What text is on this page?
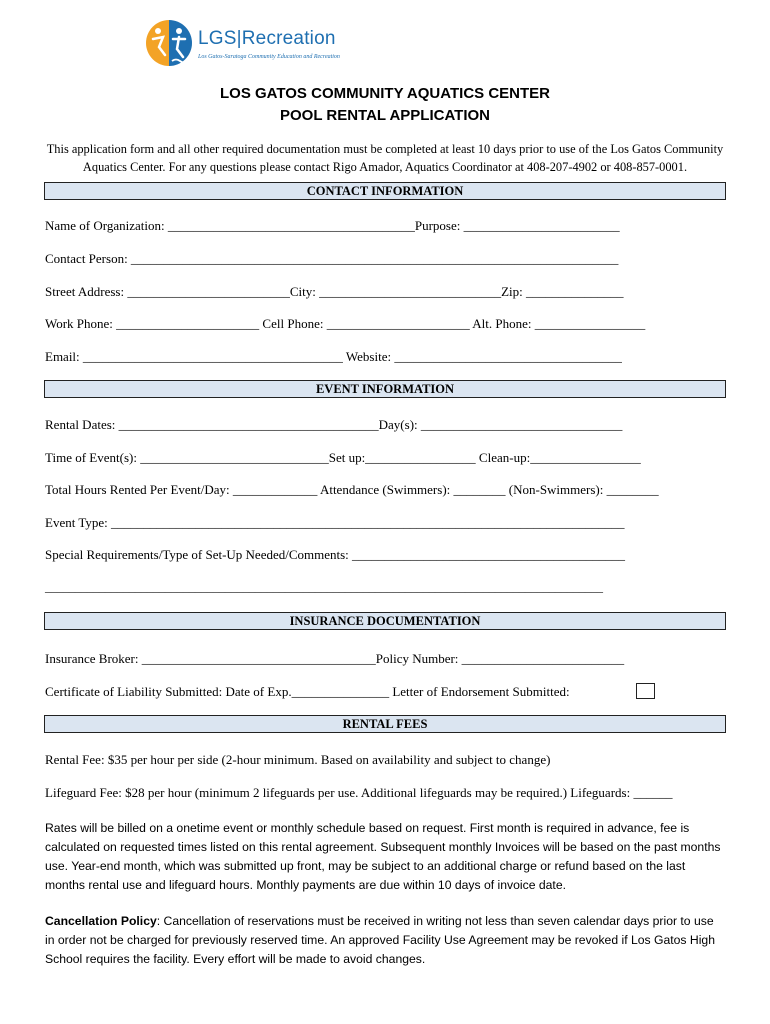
LGS|Recreation
Los Gatos-Saratoga Community Education and Recreation
LOS GATOS COMMUNITY AQUATICS CENTER
POOL RENTAL APPLICATION
This application form and all other required documentation must be completed at least 10 days prior to use of the Los Gatos Community Aquatics Center. For any questions please contact Rigo Amador, Aquatics Coordinator at 408-207-4902 or 408-857-0001.
CONTACT INFORMATION
Name of Organization: ______________________________________Purpose: ________________________
Contact Person: ___________________________________________________________________________
Street Address: _________________________City: ____________________________Zip: _______________
Work Phone: ______________________ Cell Phone: ______________________ Alt. Phone: _________________
Email: ________________________________________ Website: ___________________________________
EVENT INFORMATION
Rental Dates: ________________________________________Day(s): _______________________________
Time of Event(s): _____________________________Set up:_________________ Clean-up:_________________
Total Hours Rented Per Event/Day: _____________ Attendance (Swimmers): ________ (Non-Swimmers): ________
Event Type: _______________________________________________________________________________
Special Requirements/Type of Set-Up Needed/Comments: __________________________________________
_____________________________________________________________________________________________
INSURANCE DOCUMENTATION
Insurance Broker: ____________________________________Policy Number: _________________________
Certificate of Liability Submitted: Date of Exp._______________ Letter of Endorsement Submitted:
RENTAL FEES
Rental Fee: $35 per hour per side (2-hour minimum. Based on availability and subject to change)
Lifeguard Fee: $28 per hour (minimum 2 lifeguards per use. Additional lifeguards may be required.) Lifeguards: ______
Rates will be billed on a onetime event or monthly schedule based on request. First month is required in advance, fee is calculated on requested times listed on this rental agreement. Subsequent monthly Invoices will be based on the past months use. Year-end month, which was submitted up front, may be subject to an additional charge or refund based on the last months rental use and lifeguard hours. Monthly payments are due within 10 days of invoice date.
Cancellation Policy: Cancellation of reservations must be received in writing not less than seven calendar days prior to use in order not be charged for previously reserved time. An approved Facility Use Agreement may be revoked if Los Gatos High School requires the facility. Every effort will be made to avoid changes.
